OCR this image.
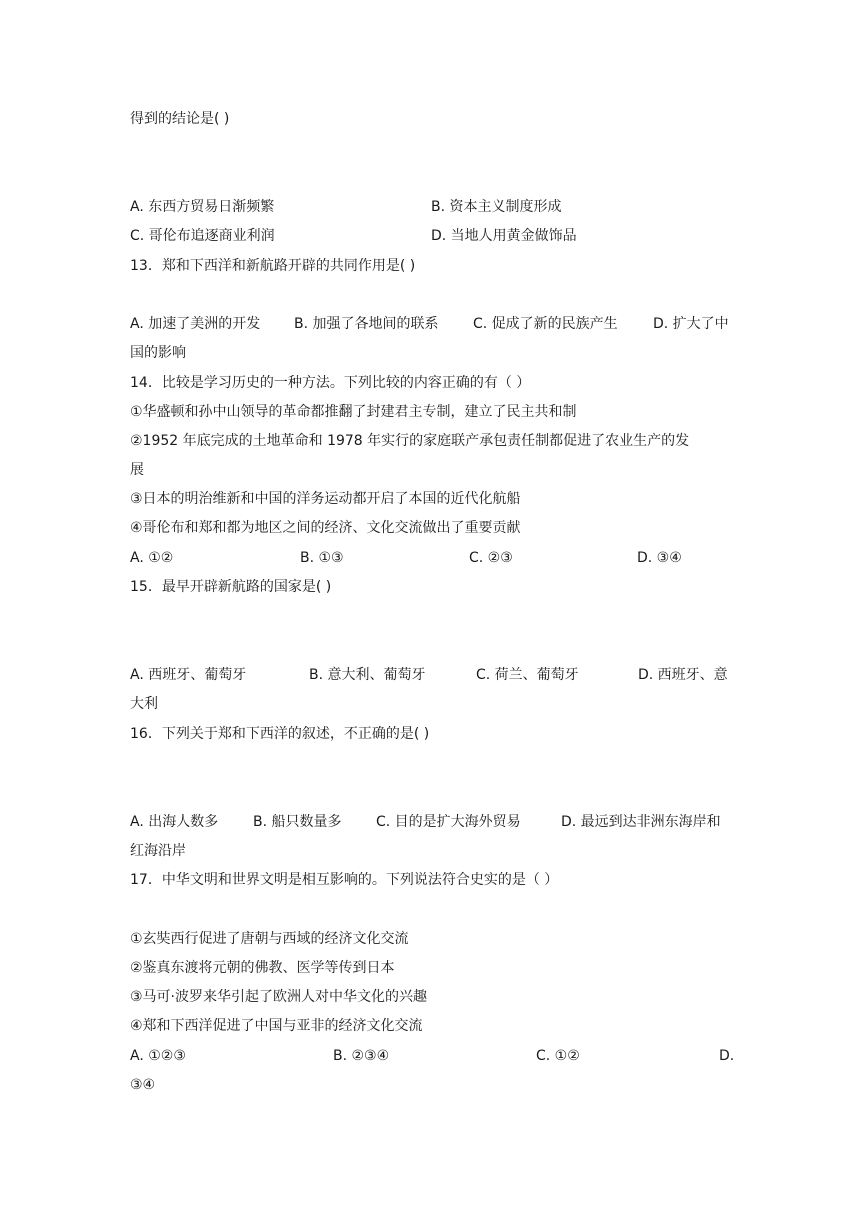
得到的结论是( )
A. 东西方贸易日渐频繁	B. 资本主义制度形成
C. 哥伦布追逐商业利润	D. 当地人用黄金做饰品
13．郑和下西洋和新航路开辟的共同作用是( )
A. 加速了美洲的开发 B. 加强了各地间的联系 C. 促成了新的民族产生	D. 扩大了中
国的影响
14．比较是学习历史的一种方法。下列比较的内容正确的有（ ）
①华盛顿和孙中山领导的革命都推翻了封建君主专制，建立了民主共和制
②1952 年底完成的土地革命和 1978 年实行的家庭联产承包责任制都促进了农业生产的发
展
③日本的明治维新和中国的洋务运动都开启了本国的近代化航船
④哥伦布和郑和都为地区之间的经济、文化交流做出了重要贡献
A. ①②	B. ①③	C. ②③	D. ③④
15．最早开辟新航路的国家是( )
A. 西班牙、葡萄牙	B. 意大利、葡萄牙	C. 荷兰、葡萄牙	D. 西班牙、意
大利
16．下列关于郑和下西洋的叙述，不正确的是( )
A. 出海人数多 B. 船只数量多 C. 目的是扩大海外贸易	D. 最远到达非洲东海岸和
红海沿岸
17．中华文明和世界文明是相互影响的。下列说法符合史实的是（ ）
①玄奘西行促进了唐朝与西域的经济文化交流
②鉴真东渡将元朝的佛教、医学等传到日本
③马可·波罗来华引起了欧洲人对中华文化的兴趣
④郑和下西洋促进了中国与亚非的经济文化交流
A. ①②③	B. ②③④	C. ①②	D.
③④
